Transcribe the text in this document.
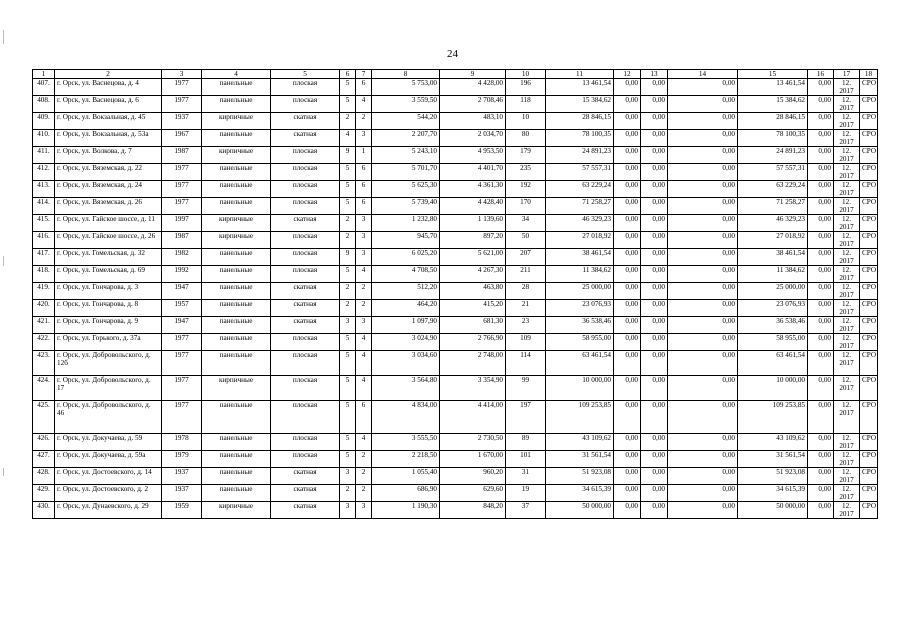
24
1	2	3	4	5	6	7	8	9	10	11	12	13	14	15	16	17	18
407.	г. Орск, ул. Васнецова, д. 4	1977	панельные	плоская	5	6	5 753,00	4 428,00	196	13 461,54	0,00	0,00	0,00	13 461,54	0,00	12. 2017	СРО
408.	г. Орск, ул. Васнецова, д. 6	1977	панельные	плоская	5	4	3 559,50	2 708,46	118	15 384,62	0,00	0,00	0,00	15 384,62	0,00	12. 2017	СРО
409.	г. Орск, ул. Вокзальная, д. 45	1937	кирпичные	скатная	2	2	544,20	483,10	10	28 846,15	0,00	0,00	0,00	28 846,15	0,00	12. 2017	СРО
410.	г. Орск, ул. Вокзальная, д. 53а	1967	панельные	скатная	4	3	2 207,70	2 034,70	80	78 100,35	0,00	0,00	0,00	78 100,35	0,00	12. 2017	СРО
411.	г. Орск, ул. Волкова, д. 7	1987	кирпичные	плоская	9	1	5 243,10	4 953,50	179	24 891,23	0,00	0,00	0,00	24 891,23	0,00	12. 2017	СРО
412.	г. Орск, ул. Вяземская, д. 22	1977	панельные	плоская	5	6	5 701,70	4 401,70	235	57 557,31	0,00	0,00	0,00	57 557,31	0,00	12. 2017	СРО
413.	г. Орск, ул. Вяземская, д. 24	1977	панельные	плоская	5	6	5 625,30	4 361,30	192	63 229,24	0,00	0,00	0,00	63 229,24	0,00	12. 2017	СРО
414.	г. Орск, ул. Вяземская, д. 26	1977	панельные	плоская	5	6	5 739,40	4 428,40	170	71 258,27	0,00	0,00	0,00	71 258,27	0,00	12. 2017	СРО
415.	г. Орск, ул. Гайское шоссе, д. 11	1997	кирпичные	скатная	2	3	1 232,80	1 139,60	34	46 329,23	0,00	0,00	0,00	46 329,23	0,00	12. 2017	СРО
416.	г. Орск, ул. Гайское шоссе, д. 26	1987	кирпичные	плоская	2	3	945,70	897,20	50	27 018,92	0,00	0,00	0,00	27 018,92	0,00	12. 2017	СРО
417.	г. Орск, ул. Гомельская, д. 32	1982	панельные	плоская	9	3	6 025,20	5 621,00	207	38 461,54	0,00	0,00	0,00	38 461,54	0,00	12. 2017	СРО
418.	г. Орск, ул. Гомельская, д. 69	1992	панельные	плоская	5	4	4 708,50	4 267,30	211	11 384,62	0,00	0,00	0,00	11 384,62	0,00	12. 2017	СРО
419.	г. Орск, ул. Гончарова, д. 3	1947	панельные	скатная	2	2	512,20	463,80	28	25 000,00	0,00	0,00	0,00	25 000,00	0,00	12. 2017	СРО
420.	г. Орск, ул. Гончарова, д. 8	1957	панельные	скатная	2	2	464,20	415,20	21	23 076,93	0,00	0,00	0,00	23 076,93	0,00	12. 2017	СРО
421.	г. Орск, ул. Гончарова, д. 9	1947	панельные	скатная	3	3	1 097,90	681,30	23	36 538,46	0,00	0,00	0,00	36 538,46	0,00	12. 2017	СРО
422.	г. Орск, ул. Горького, д. 37а	1977	панельные	плоская	5	4	3 024,90	2 766,90	109	58 955,00	0,00	0,00	0,00	58 955,00	0,00	12. 2017	СРО
423.	г. Орск, ул. Добровольского, д. 12б	1977	панельные	плоская	5	4	3 034,60	2 748,00	114	63 461,54	0,00	0,00	0,00	63 461,54	0,00	12. 2017	СРО
424.	г. Орск, ул. Добровольского, д. 17	1977	кирпичные	плоская	5	4	3 564,80	3 354,90	99	10 000,00	0,00	0,00	0,00	10 000,00	0,00	12. 2017	СРО
425.	г. Орск, ул. Добровольского, д. 46	1977	панельные	плоская	5	6	4 834,00	4 414,00	197	109 253,85	0,00	0,00	0,00	109 253,85	0,00	12. 2017	СРО
426.	г. Орск, ул. Докучаева, д. 59	1978	панельные	плоская	5	4	3 555,50	2 730,50	89	43 109,62	0,00	0,00	0,00	43 109,62	0,00	12. 2017	СРО
427.	г. Орск, ул. Докучаева, д. 59а	1979	панельные	плоская	5	2	2 218,50	1 670,00	101	31 561,54	0,00	0,00	0,00	31 561,54	0,00	12. 2017	СРО
428.	г. Орск, ул. Достоевского, д. 14	1937	панельные	скатная	3	2	1 055,40	960,20	31	51 923,08	0,00	0,00	0,00	51 923,08	0,00	12. 2017	СРО
429.	г. Орск, ул. Достоевского, д. 2	1937	панельные	скатная	2	2	686,90	629,60	19	34 615,39	0,00	0,00	0,00	34 615,39	0,00	12. 2017	СРО
430.	г. Орск, ул. Дунаевского, д. 29	1959	кирпичные	скатная	3	3	1 190,30	848,20	37	50 000,00	0,00	0,00	0,00	50 000,00	0,00	12. 2017	СРО
